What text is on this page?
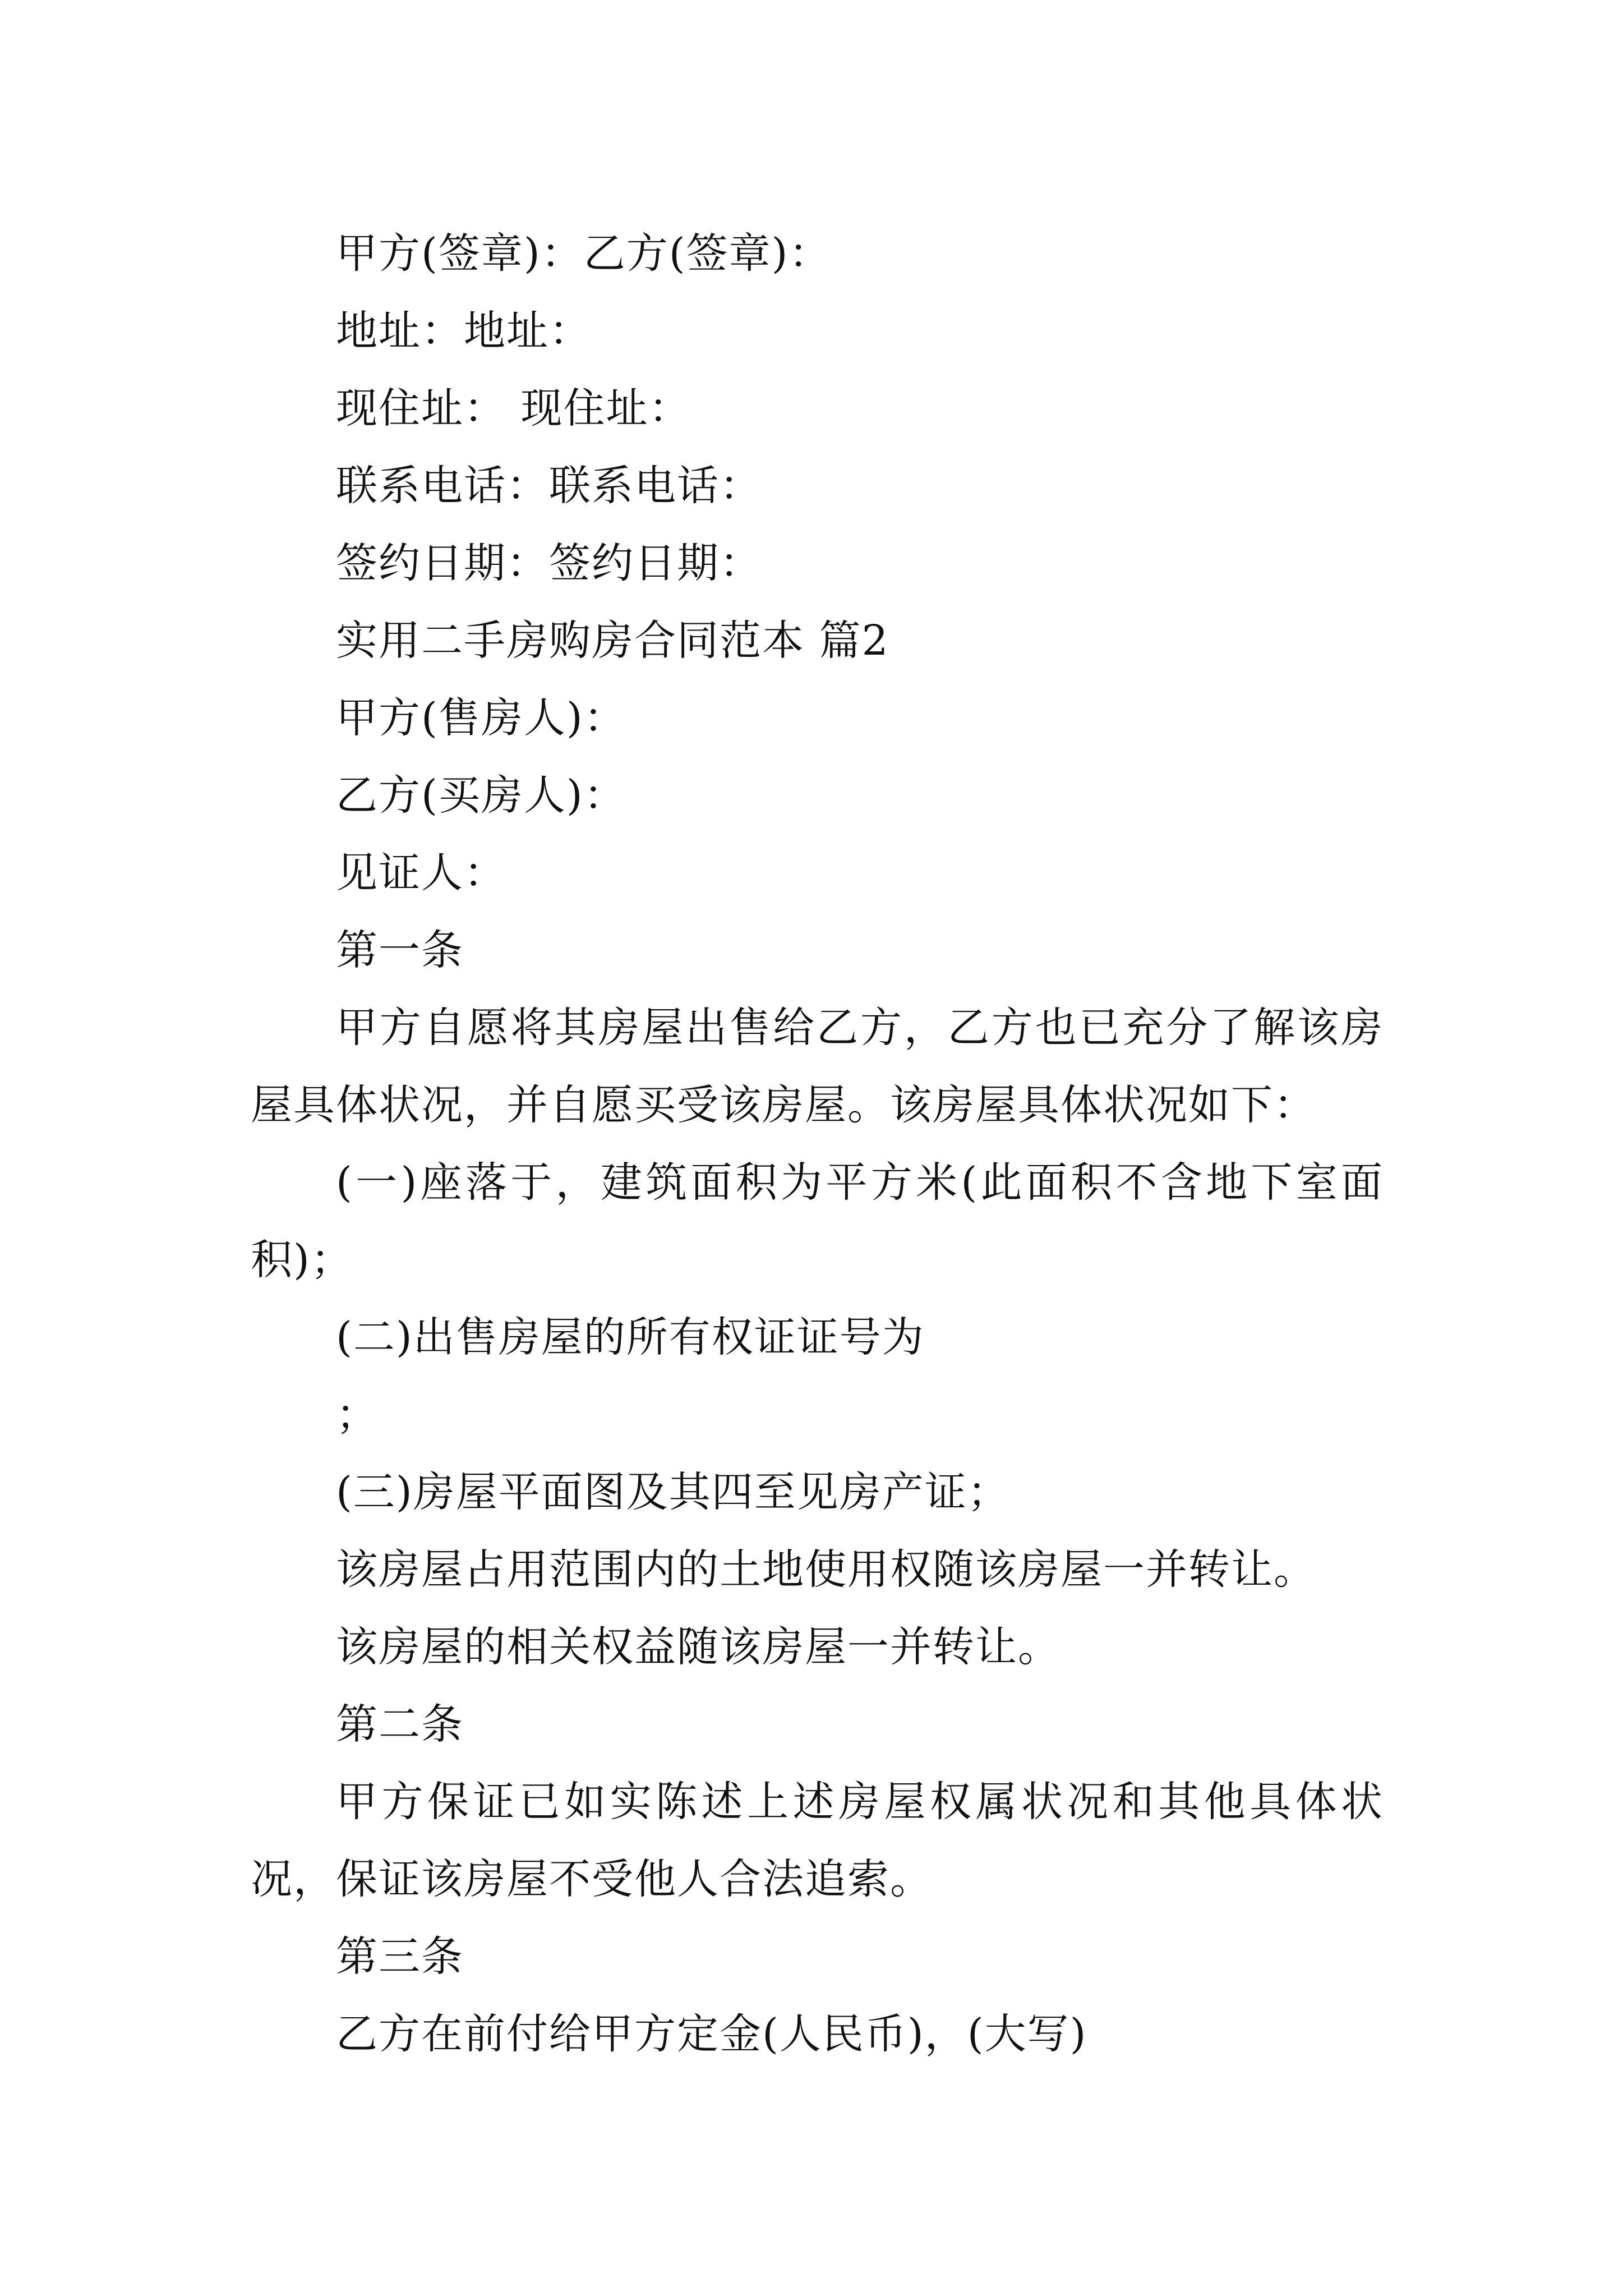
甲方(签章)：乙方(签章)：
地址：地址：
现住址： 现住址：
联系电话：联系电话：
签约日期：签约日期：
实用二手房购房合同范本 篇2
甲方(售房人)：
乙方(买房人)：
见证人：
第一条

甲方自愿将其房屋出售给乙方，乙方也已充分了解该房屋具体状况，并自愿买受该房屋。该房屋具体状况如下：

(一)座落于，建筑面积为平方米(此面积不含地下室面积)；

(二)出售房屋的所有权证证号为
；
(三)房屋平面图及其四至见房产证；
该房屋占用范围内的土地使用权随该房屋一并转让。
该房屋的相关权益随该房屋一并转让。
第二条

甲方保证已如实陈述上述房屋权属状况和其他具体状况，保证该房屋不受他人合法追索。

第三条
乙方在前付给甲方定金(人民币)，(大写)
